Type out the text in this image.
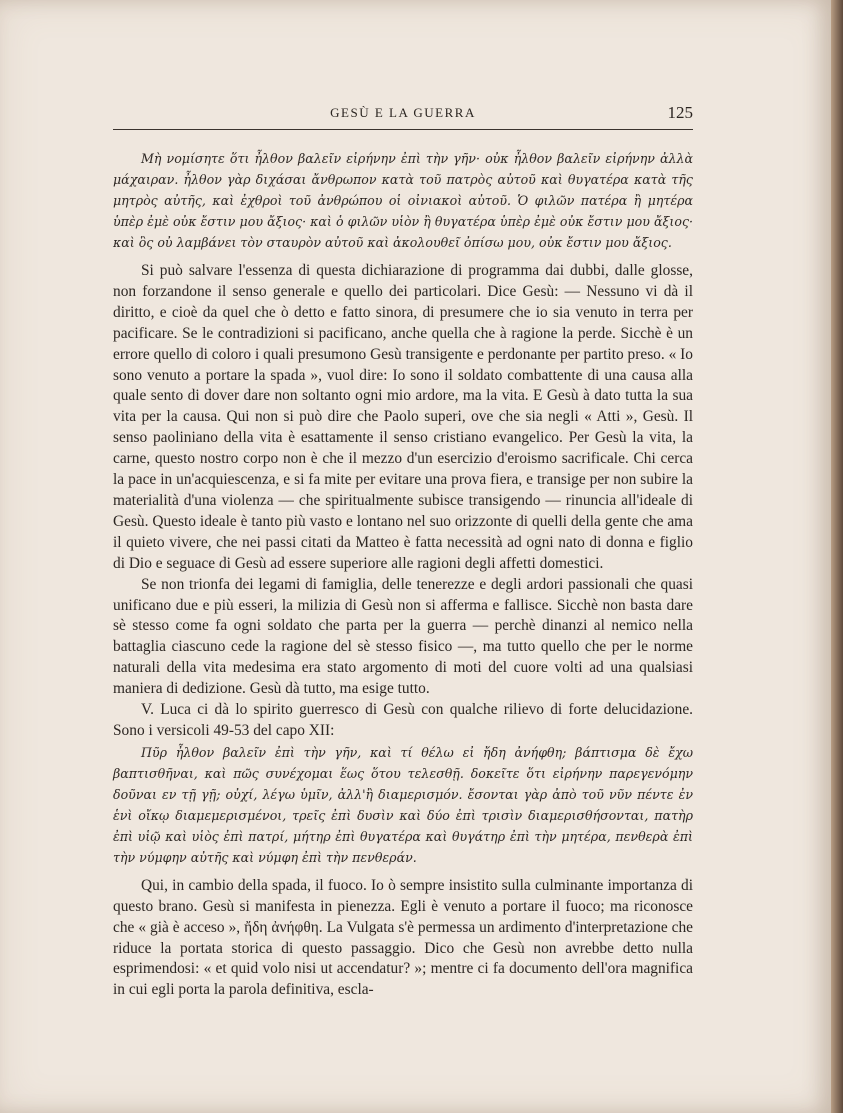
GESÙ E LA GUERRA	125

Μὴ νομίσητε ὅτι ἦλθον βαλεῖν εἰρήνην ἐπὶ τὴν γῆν· οὐκ ἦλθον βαλεῖν εἰρήνην ἀλλὰ μάχαιραν. ἦλθον γὰρ διχάσαι ἄνθρωπον κατὰ τοῦ πατρὸς αὐτοῦ καὶ θυγατέρα κατὰ τῆς μητρὸς αὐτῆς, καὶ ἐχθροὶ τοῦ ἀνθρώπου οἱ οἰνιακοὶ αὐτοῦ. Ὁ φιλῶν πατέρα ἢ μητέρα ὑπὲρ ἐμὲ οὐκ ἔστιν μου ἄξιος· καὶ ὁ φιλῶν υἱὸν ἢ θυγατέρα ὑπὲρ ἐμὲ οὐκ ἔστιν μου ἄξιος· καὶ ὃς οὐ λαμβάνει τὸν σταυρὸν αὐτοῦ καὶ ἀκολουθεῖ ὀπίσω μου, οὐκ ἔστιν μου ἄξιος.

Si può salvare l'essenza di questa dichiarazione di programma dai dubbi, dalle glosse, non forzandone il senso generale e quello dei particolari. Dice Gesù: — Nessuno vi dà il diritto, e cioè da quel che ò detto e fatto sinora, di presumere che io sia venuto in terra per pacificare. Se le contradizioni si pacificano, anche quella che à ragione la perde. Sicchè è un errore quello di coloro i quali presumono Gesù transigente e perdonante per partito preso. « Io sono venuto a portare la spada », vuol dire: Io sono il soldato combattente di una causa alla quale sento di dover dare non soltanto ogni mio ardore, ma la vita. E Gesù à dato tutta la sua vita per la causa. Qui non si può dire che Paolo superi, ove che sia negli « Atti », Gesù. Il senso paoliniano della vita è esattamente il senso cristiano evangelico. Per Gesù la vita, la carne, questo nostro corpo non è che il mezzo d'un esercizio d'eroismo sacrificale. Chi cerca la pace in un'acquiescenza, e si fa mite per evitare una prova fiera, e transige per non subire la materialità d'una violenza — che spiritualmente subisce transigendo — rinuncia all'ideale di Gesù. Questo ideale è tanto più vasto e lontano nel suo orizzonte di quelli della gente che ama il quieto vivere, che nei passi citati da Matteo è fatta necessità ad ogni nato di donna e figlio di Dio e seguace di Gesù ad essere superiore alle ragioni degli affetti domestici.

Se non trionfa dei legami di famiglia, delle tenerezze e degli ardori passionali che quasi unificano due e più esseri, la milizia di Gesù non si afferma e fallisce. Sicchè non basta dare sè stesso come fa ogni soldato che parta per la guerra — perchè dinanzi al nemico nella battaglia ciascuno cede la ragione del sè stesso fisico —, ma tutto quello che per le norme naturali della vita medesima era stato argomento di moti del cuore volti ad una qualsiasi maniera di dedizione. Gesù dà tutto, ma esige tutto.

V. Luca ci dà lo spirito guerresco di Gesù con qualche rilievo di forte delucidazione. Sono i versicoli 49-53 del capo XII:

Πῦρ ἦλθον βαλεῖν ἐπὶ τὴν γῆν, καὶ τί θέλω εἰ ἤδη ἀνήφθη; βάπτισμα δὲ ἔχω βαπτισθῆναι, καὶ πῶς συνέχομαι ἕως ὅτου τελεσθῇ. δοκεῖτε ὅτι εἰρήνην παρεγενόμην δοῦναι εν τῇ γῇ; οὐχί, λέγω ὑμῖν, ἀλλ'ἢ διαμερισμόν. ἔσονται γὰρ ἀπὸ τοῦ νῦν πέντε ἐν ἑνὶ οἴκῳ διαμεμερισμένοι, τρεῖς ἐπὶ δυσὶν καὶ δύο ἐπὶ τρισὶν διαμερισθήσονται, πατὴρ ἐπὶ υἱῷ καὶ υἱὸς ἐπὶ πατρί, μήτηρ ἐπὶ θυγατέρα καὶ θυγάτηρ ἐπὶ τὴν μητέρα, πενθερὰ ἐπὶ τὴν νύμφην αὐτῆς καὶ νύμφη ἐπὶ τὴν πενθεράν.

Qui, in cambio della spada, il fuoco. Io ò sempre insistito sulla culminante importanza di questo brano. Gesù si manifesta in pienezza. Egli è venuto a portare il fuoco; ma riconosce che « già è acceso », ἤδη ἀνήφθη. La Vulgata s'è permessa un ardimento d'interpretazione che riduce la portata storica di questo passaggio. Dico che Gesù non avrebbe detto nulla esprimendosi: « et quid volo nisi ut accendatur? »; mentre ci fa documento dell'ora magnifica in cui egli porta la parola definitiva, escla-
